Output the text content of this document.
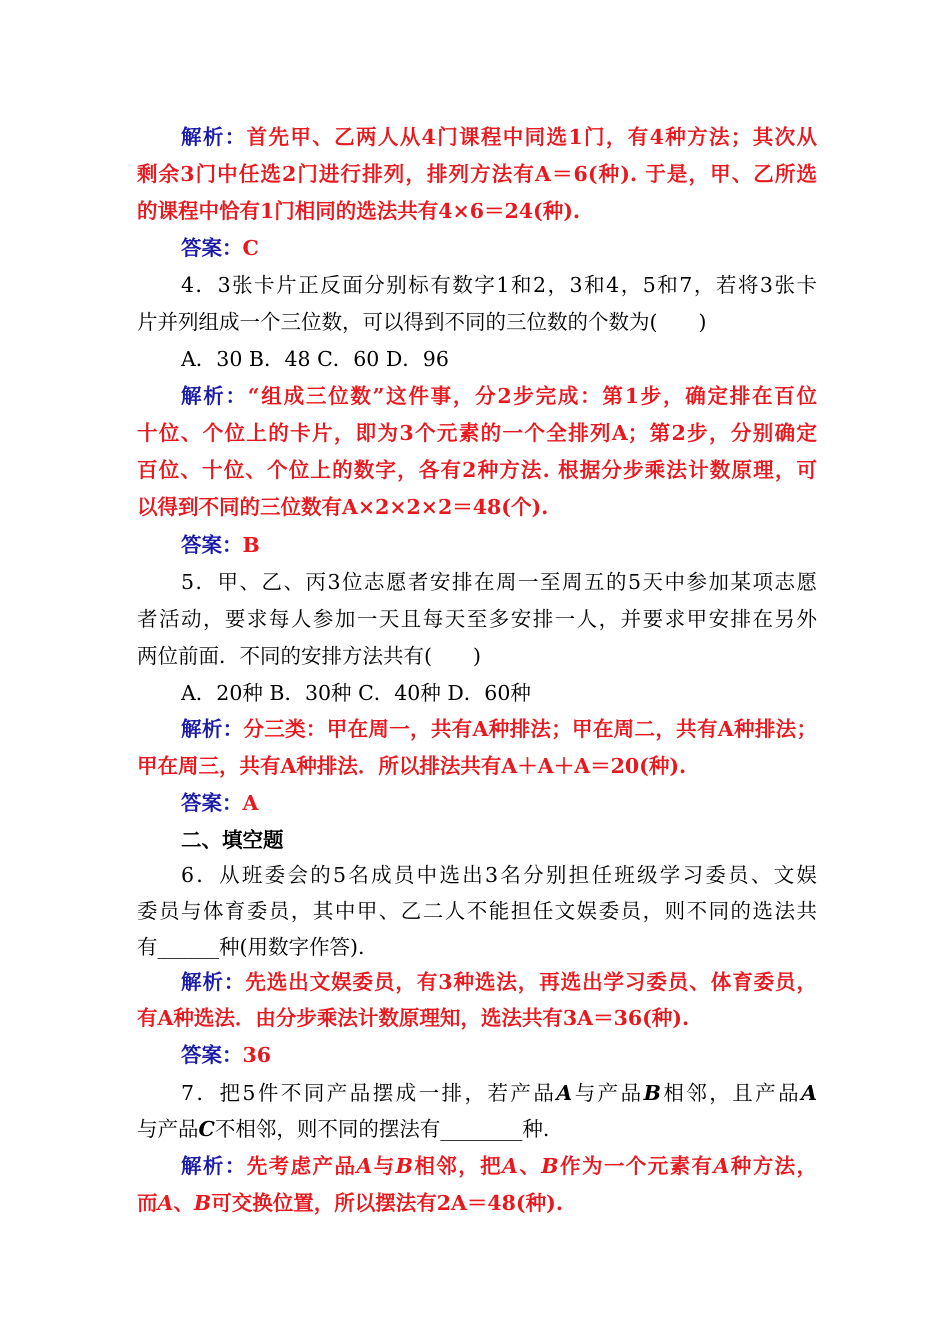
解析：首先甲、乙两人从4门课程中同选1门，有4种方法；其次从
剩余3门中任选2门进行排列，排列方法有A＝6(种). 于是，甲、乙所选
的课程中恰有1门相同的选法共有4×6＝24(种).
答案：C
4．3张卡片正反面分别标有数字1和2，3和4，5和7，若将3张卡
片并列组成一个三位数，可以得到不同的三位数的个数为(　　)
A．30 B．48 C．60 D．96
解析：“组成三位数”这件事，分2步完成：第1步，确定排在百位
十位、个位上的卡片，即为3个元素的一个全排列A；第2步，分别确定
百位、十位、个位上的数字，各有2种方法. 根据分步乘法计数原理，可
以得到不同的三位数有A×2×2×2＝48(个).
答案：B
5．甲、乙、丙3位志愿者安排在周一至周五的5天中参加某项志愿
者活动，要求每人参加一天且每天至多安排一人，并要求甲安排在另外
两位前面．不同的安排方法共有(　　)
A．20种 B．30种 C．40种 D．60种
解析：分三类：甲在周一，共有A种排法；甲在周二，共有A种排法；
甲在周三，共有A种排法．所以排法共有A＋A＋A＝20(种).
答案：A
二、填空题
6．从班委会的5名成员中选出3名分别担任班级学习委员、文娱
委员与体育委员，其中甲、乙二人不能担任文娱委员，则不同的选法共
有______种(用数字作答).
解析：先选出文娱委员，有3种选法，再选出学习委员、体育委员，
有A种选法．由分步乘法计数原理知，选法共有3A＝36(种).
答案：36
7．把5件不同产品摆成一排，若产品A与产品B相邻，且产品A
与产品C不相邻，则不同的摆法有________种.
解析：先考虑产品A与B相邻，把A、B作为一个元素有A种方法，
而A、B可交换位置，所以摆法有2A＝48(种).
